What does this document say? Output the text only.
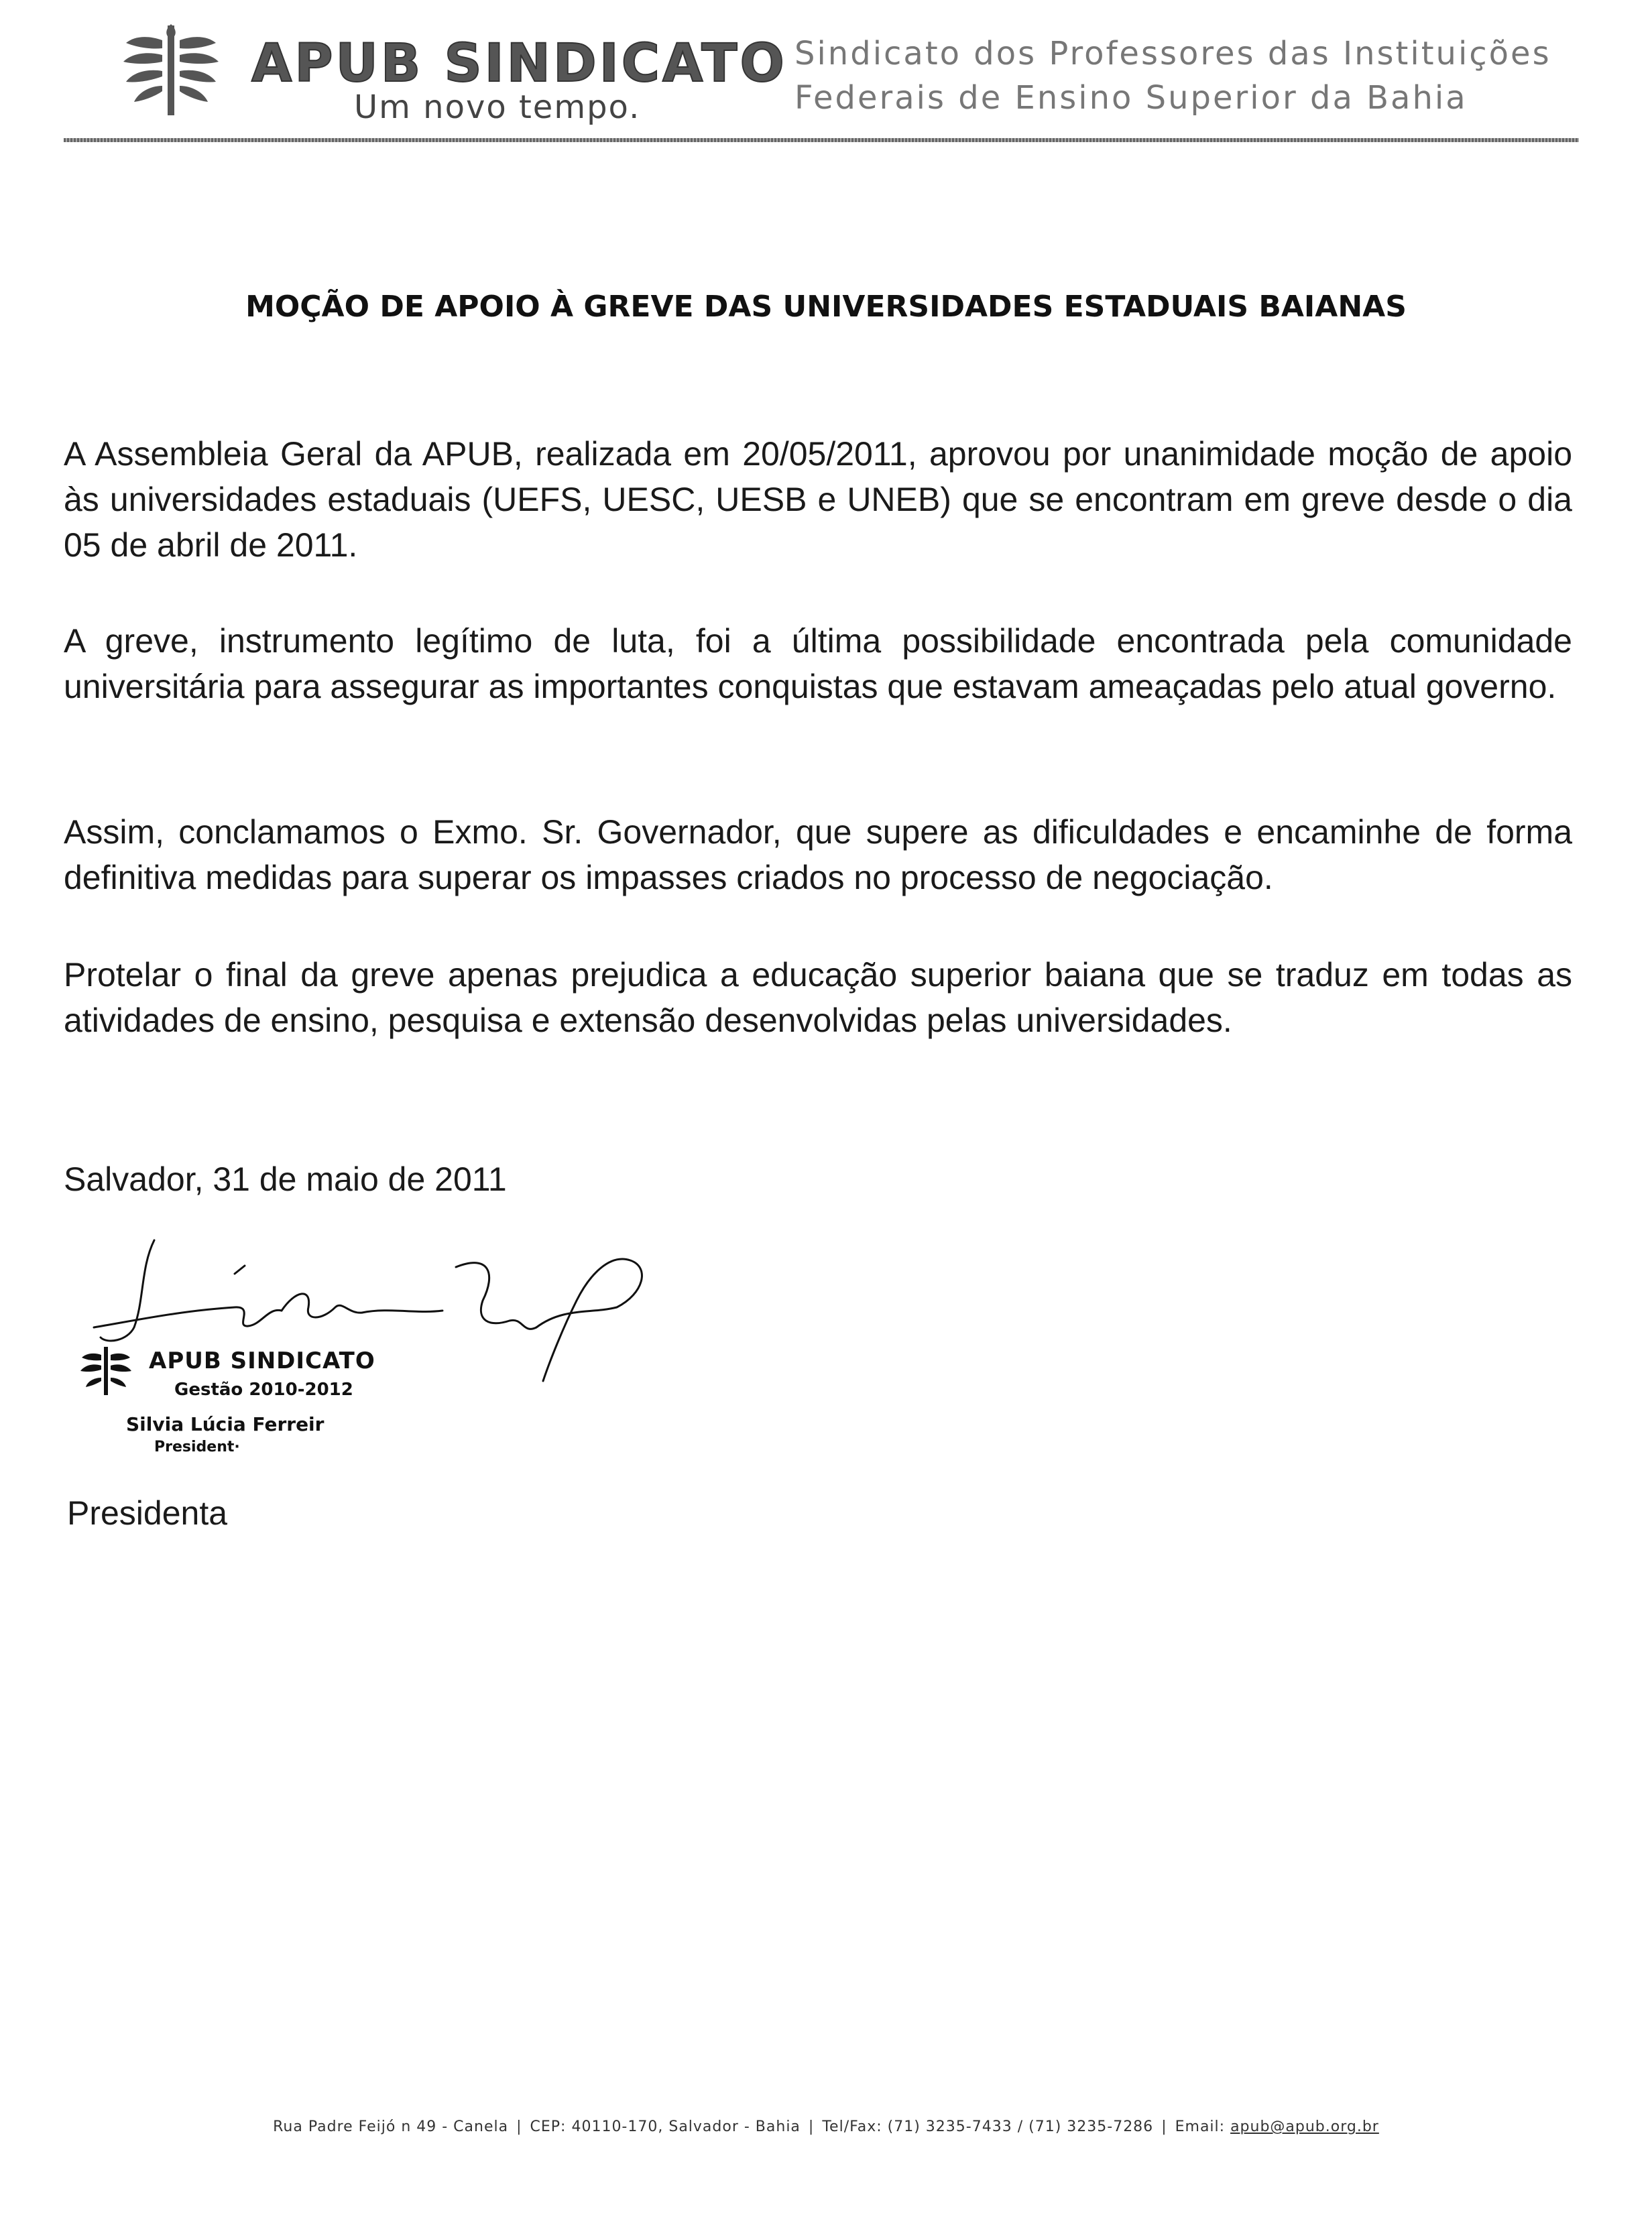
APUB SINDICATO
Um novo tempo.
Sindicato dos Professores das Instituições
Federais de Ensino Superior da Bahia
MOÇÃO DE APOIO À GREVE DAS UNIVERSIDADES ESTADUAIS BAIANAS
A Assembleia Geral da APUB, realizada em 20/05/2011, aprovou por unanimidade moção de apoio às universidades estaduais (UEFS, UESC, UESB e UNEB) que se encontram em greve desde o dia 05 de abril de 2011.
A greve, instrumento legítimo de luta, foi a última possibilidade encontrada pela comunidade universitária para assegurar as importantes conquistas que estavam ameaçadas pelo atual governo.
Assim, conclamamos o Exmo. Sr. Governador, que supere as dificuldades e encaminhe de forma definitiva medidas para superar os impasses criados no processo de negociação.
Protelar o final da greve apenas prejudica a educação superior baiana que se traduz em todas as atividades de ensino, pesquisa e extensão desenvolvidas pelas universidades.
Salvador, 31 de maio de 2011
APUB SINDICATO
Gestão 2010-2012
Silvia Lúcia Ferreir
President·
Presidenta
Rua Padre Feijó n 49 - Canela | CEP: 40110-170, Salvador - Bahia | Tel/Fax: (71) 3235-7433 / (71) 3235-7286 | Email: apub@apub.org.br
